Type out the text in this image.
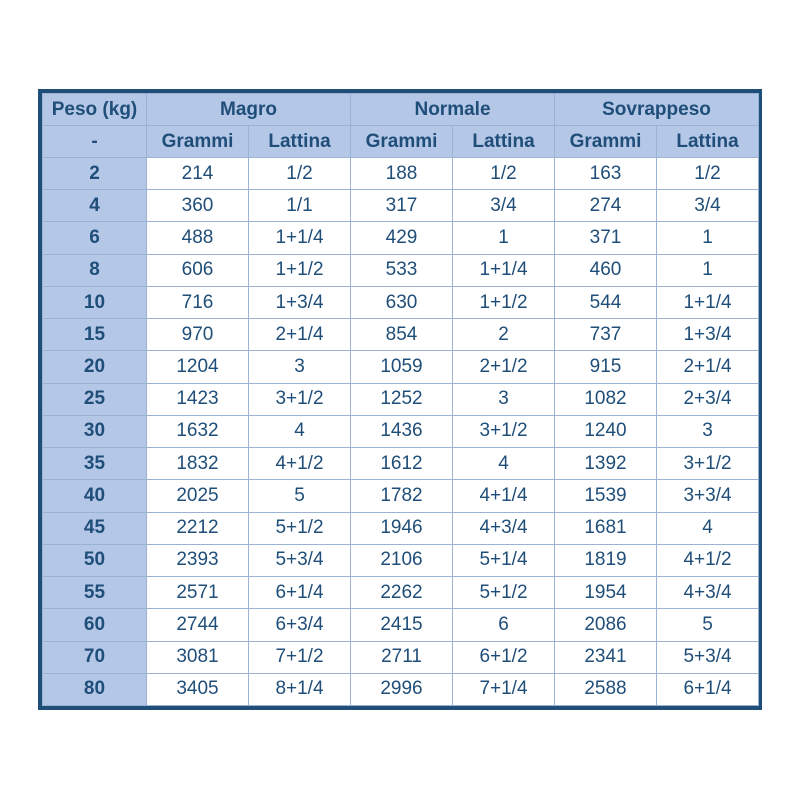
Peso (kg)	Magro		Normale		Sovrappeso	
-	Grammi	Lattina	Grammi	Lattina	Grammi	Lattina
2	214	1/2	188	1/2	163	1/2
4	360	1/1	317	3/4	274	3/4
6	488	1+1/4	429	1	371	1
8	606	1+1/2	533	1+1/4	460	1
10	716	1+3/4	630	1+1/2	544	1+1/4
15	970	2+1/4	854	2	737	1+3/4
20	1204	3	1059	2+1/2	915	2+1/4
25	1423	3+1/2	1252	3	1082	2+3/4
30	1632	4	1436	3+1/2	1240	3
35	1832	4+1/2	1612	4	1392	3+1/2
40	2025	5	1782	4+1/4	1539	3+3/4
45	2212	5+1/2	1946	4+3/4	1681	4
50	2393	5+3/4	2106	5+1/4	1819	4+1/2
55	2571	6+1/4	2262	5+1/2	1954	4+3/4
60	2744	6+3/4	2415	6	2086	5
70	3081	7+1/2	2711	6+1/2	2341	5+3/4
80	3405	8+1/4	2996	7+1/4	2588	6+1/4
